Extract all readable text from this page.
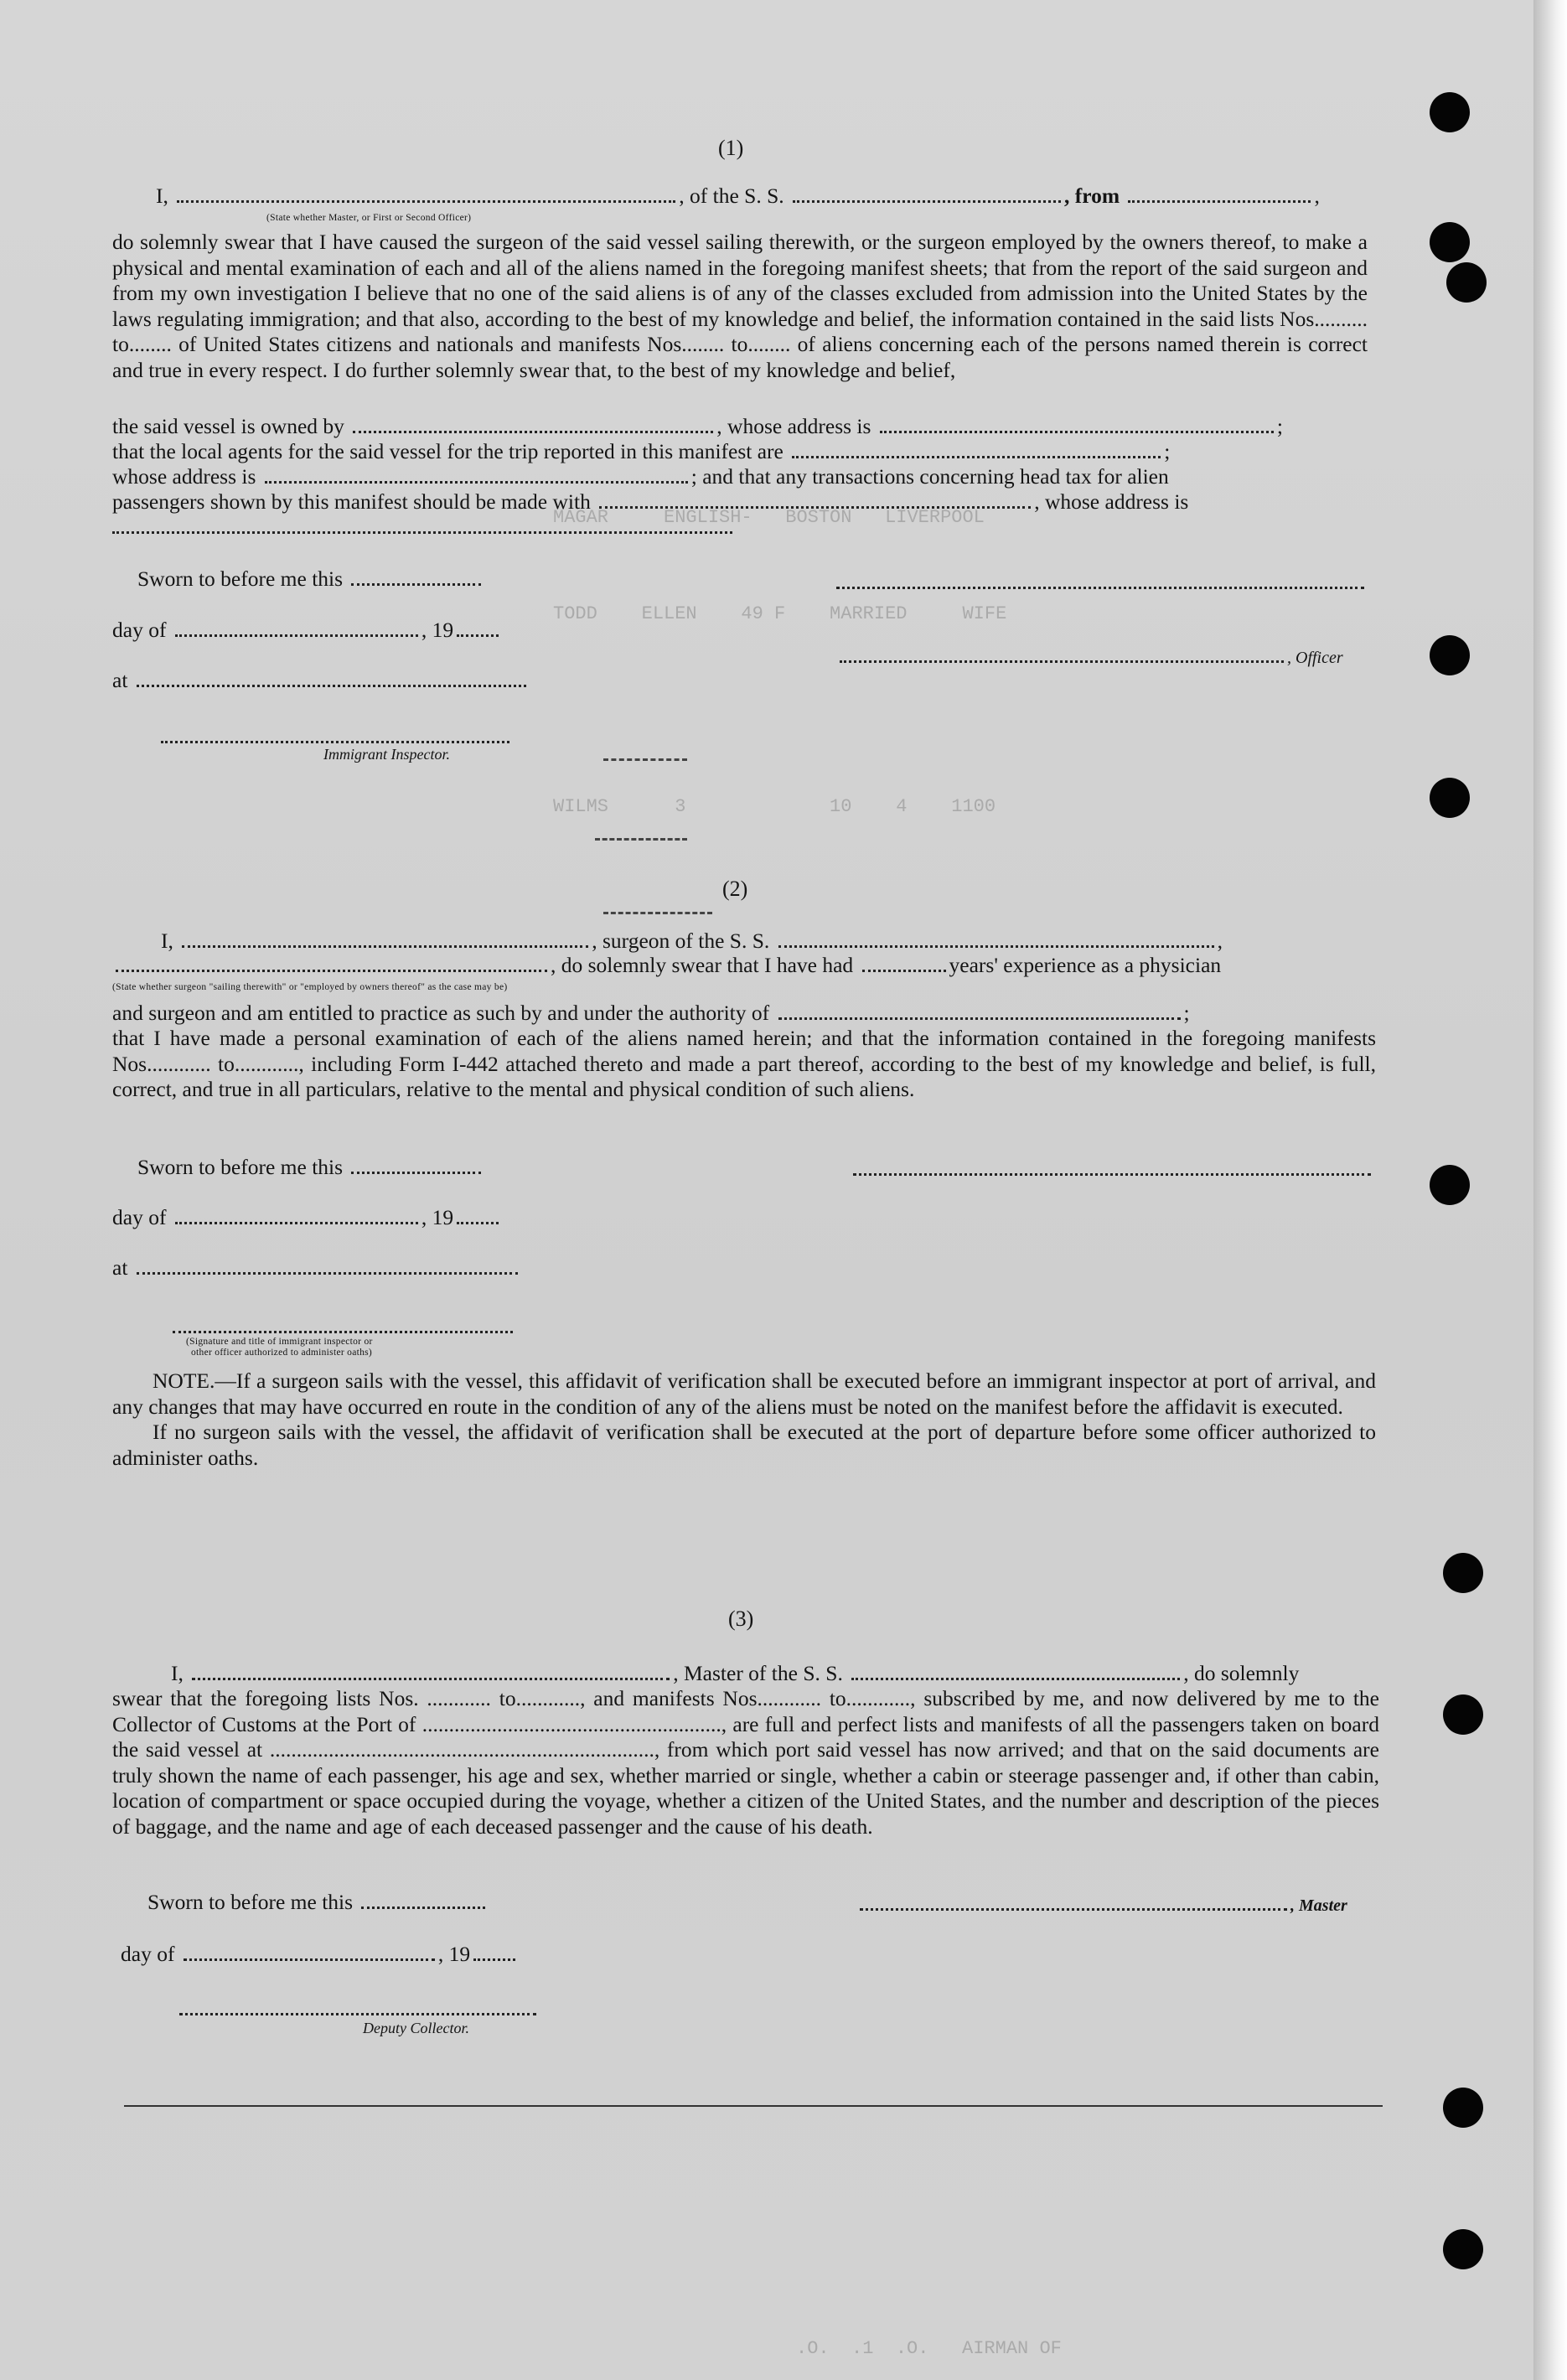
MAGAR     ENGLISH-   BOSTON   LIVERPOOL
TODD    ELLEN    49 F    MARRIED     WIFE
WILMS      3             10    4    1100
.O.  .1  .O.   AIRMAN OF
(1)
I,	, of the S. S.	, from	,
(State whether Master, or First or Second Officer)

do solemnly swear that I have caused the surgeon of the said vessel sailing therewith, or the surgeon employed by the owners thereof, to make a physical and mental examination of each and all of the aliens named in the foregoing manifest sheets; that from the report of the said surgeon and from my own investigation I believe that no one of the said aliens is of any of the classes excluded from admission into the United States by the laws regulating immigration; and that also, according to the best of my knowledge and belief, the information contained in the said lists Nos.......... to........ of United States citizens and nationals and manifests Nos........ to........ of aliens concerning each of the persons named therein is correct and true in every respect. I do further solemnly swear that, to the best of my knowledge and belief,

the said vessel is owned by	, whose address is	;
that the local agents for the said vessel for the trip reported in this manifest are	;
whose address is	; and that any transactions concerning head tax for alien
passengers shown by this manifest should be made with	, whose address is
Sworn to before me this
day of	, 19
, Officer
at
Immigrant Inspector.
(2)
I,	, surgeon of the S. S.	,
, do solemnly swear that I have had	years' experience as a physician
(State whether surgeon "sailing therewith" or "employed by owners thereof" as the case may be)
and surgeon and am entitled to practice as such by and under the authority of	;

that I have made a personal examination of each of the aliens named herein; and that the information contained in the foregoing manifests Nos............ to............, including Form I-442 attached thereto and made a part thereof, according to the best of my knowledge and belief, is full, correct, and true in all particulars, relative to the mental and physical condition of such aliens.

Sworn to before me this
day of	, 19
at
(Signature and title of immigrant inspector or
other officer authorized to administer oaths)

NOTE.—If a surgeon sails with the vessel, this affidavit of verification shall be executed before an immigrant inspector at port of arrival, and any changes that may have occurred en route in the condition of any of the aliens must be noted on the manifest before the affidavit is executed.

If no surgeon sails with the vessel, the affidavit of verification shall be executed at the port of departure before some officer authorized to administer oaths.

(3)
I,	, Master of the S. S.	, do solemnly

swear that the foregoing lists Nos. ............ to............, and manifests Nos............ to............, subscribed by me, and now delivered by me to the Collector of Customs at the Port of ........................................................, are full and perfect lists and manifests of all the passengers taken on board the said vessel at ........................................................................, from which port said vessel has now arrived; and that on the said documents are truly shown the name of each passenger, his age and sex, whether married or single, whether a cabin or steerage passenger and, if other than cabin, location of compartment or space occupied during the voyage, whether a citizen of the United States, and the number and description of the pieces of baggage, and the name and age of each deceased passenger and the cause of his death.

Sworn to before me this	, Master
day of	, 19
Deputy Collector.
